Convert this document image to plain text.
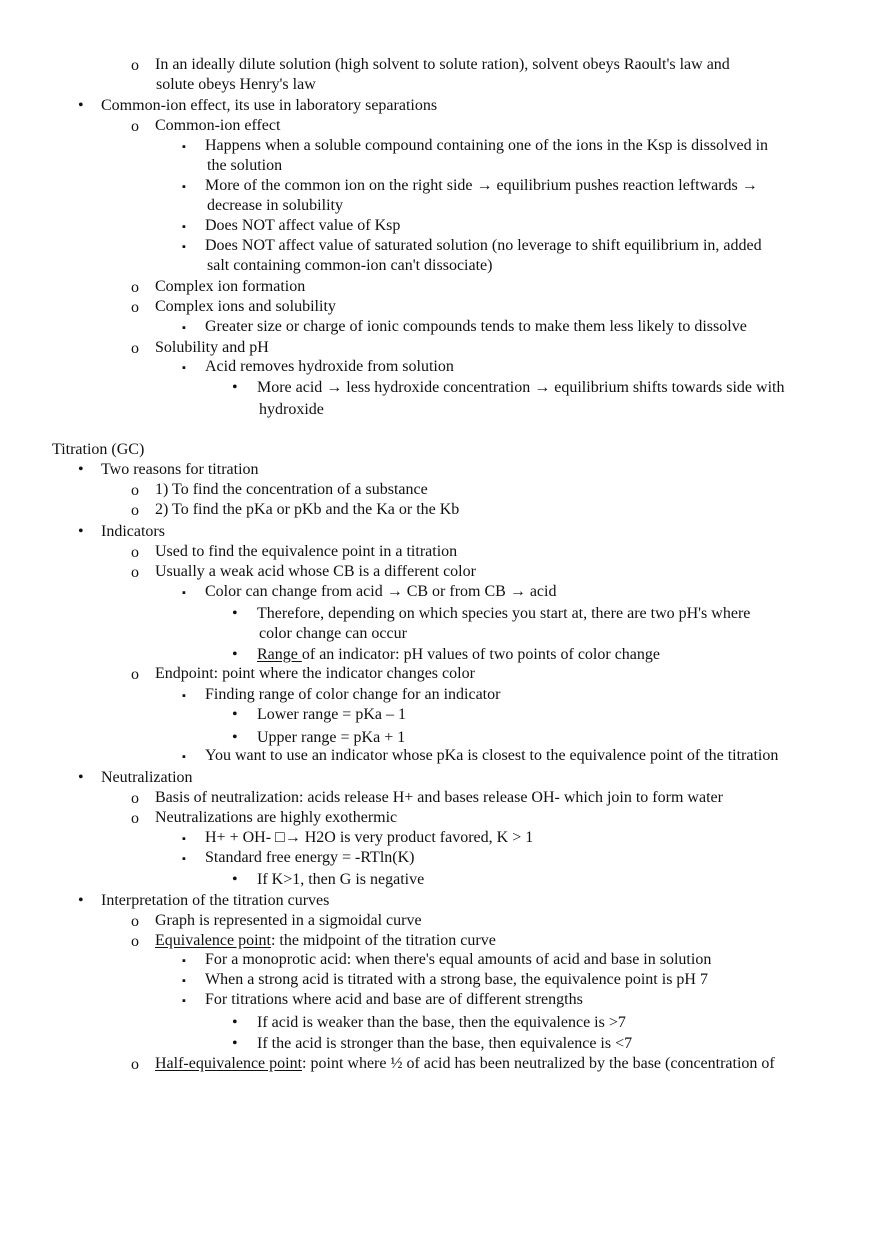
o In an ideally dilute solution (high solvent to solute ration), solvent obeys Raoult's law and
solute obeys Henry's law
• Common-ion effect, its use in laboratory separations
o Common-ion effect
▪ Happens when a soluble compound containing one of the ions in the Ksp is dissolved in
the solution
▪ More of the common ion on the right side → equilibrium pushes reaction leftwards →
decrease in solubility
▪ Does NOT affect value of Ksp
▪ Does NOT affect value of saturated solution (no leverage to shift equilibrium in, added
salt containing common-ion can't dissociate)
o Complex ion formation
o Complex ions and solubility
▪ Greater size or charge of ionic compounds tends to make them less likely to dissolve
o Solubility and pH
▪ Acid removes hydroxide from solution
• More acid → less hydroxide concentration → equilibrium shifts towards side with
hydroxide
Titration (GC)
• Two reasons for titration
o 1) To find the concentration of a substance
o 2) To find the pKa or pKb and the Ka or the Kb
• Indicators
o Used to find the equivalence point in a titration
o Usually a weak acid whose CB is a different color
▪ Color can change from acid → CB or from CB → acid
• Therefore, depending on which species you start at, there are two pH's where
color change can occur
• Range of an indicator: pH values of two points of color change
o Endpoint: point where the indicator changes color
▪ Finding range of color change for an indicator
• Lower range = pKa – 1
• Upper range = pKa + 1
▪ You want to use an indicator whose pKa is closest to the equivalence point of the titration
• Neutralization
o Basis of neutralization: acids release H+ and bases release OH- which join to form water
o Neutralizations are highly exothermic
▪ H+ + OH- □→ H2O is very product favored, K > 1
▪ Standard free energy = -RTln(K)
• If K>1, then G is negative
• Interpretation of the titration curves
o Graph is represented in a sigmoidal curve
o Equivalence point: the midpoint of the titration curve
▪ For a monoprotic acid: when there's equal amounts of acid and base in solution
▪ When a strong acid is titrated with a strong base, the equivalence point is pH 7
▪ For titrations where acid and base are of different strengths
• If acid is weaker than the base, then the equivalence is >7
• If the acid is stronger than the base, then equivalence is <7
o Half-equivalence point: point where ½ of acid has been neutralized by the base (concentration of
